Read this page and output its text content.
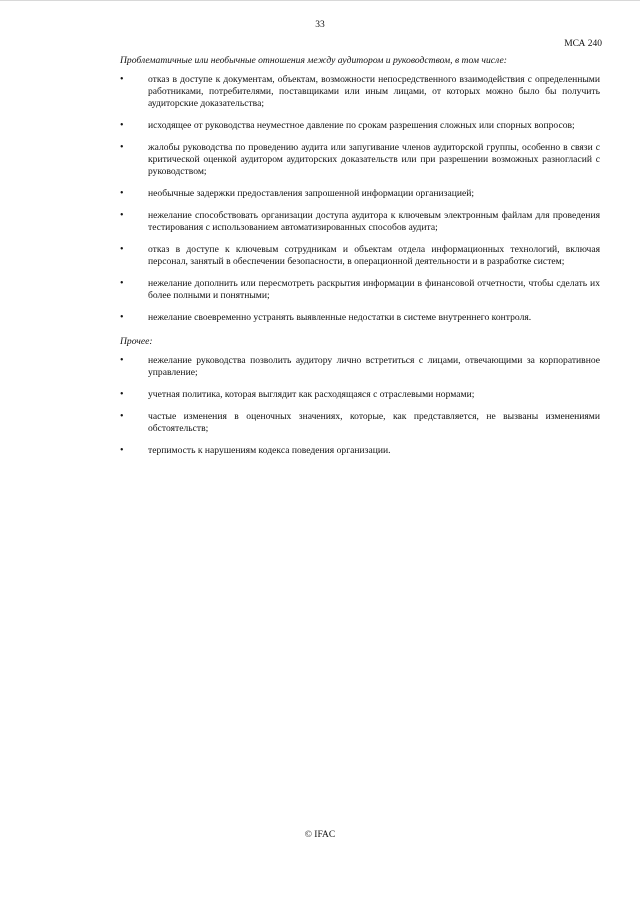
33
МСА 240

Проблематичные или необычные отношения между аудитором и руководством, в том числе:

•	отказ в доступе к документам, объектам, возможности непосредственного взаимодействия с определенными работниками, потребителями, поставщиками или иным лицами, от которых можно было бы получить аудиторские доказательства;
•	исходящее от руководства неуместное давление по срокам разрешения сложных или спорных вопросов;
•	жалобы руководства по проведению аудита или запугивание членов аудиторской группы, особенно в связи с критической оценкой аудитором аудиторских доказательств или при разрешении возможных разногласий с руководством;
•	необычные задержки предоставления запрошенной информации организацией;
•	нежелание способствовать организации доступа аудитора к ключевым электронным файлам для проведения тестирования с использованием автоматизированных способов аудита;
•	отказ в доступе к ключевым сотрудникам и объектам отдела информационных технологий, включая персонал, занятый в обеспечении безопасности, в операционной деятельности и в разработке систем;
•	нежелание дополнить или пересмотреть раскрытия информации в финансовой отчетности, чтобы сделать их более полными и понятными;
•	нежелание своевременно устранять выявленные недостатки в системе внутреннего контроля.

Прочее:

•	нежелание руководства позволить аудитору лично встретиться с лицами, отвечающими за корпоративное управление;
•	учетная политика, которая выглядит как расходящаяся с отраслевыми нормами;
•	частые изменения в оценочных значениях, которые, как представляется, не вызваны изменениями обстоятельств;
•	терпимость к нарушениям кодекса поведения организации.
© IFAC
